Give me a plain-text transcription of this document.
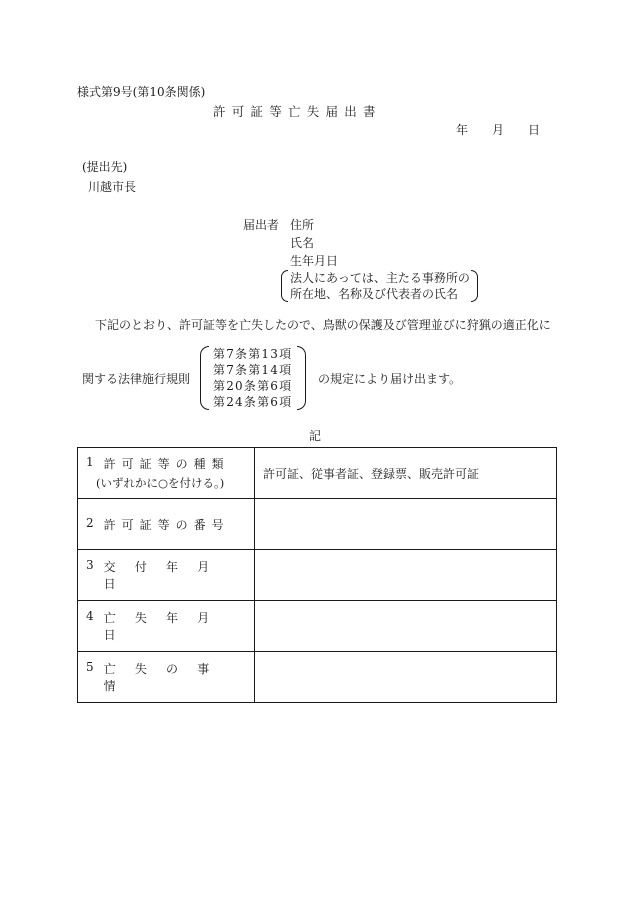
様式第9号(第10条関係)
許可証等亡失届出書
年 月 日
(提出先)
川越市長
届出者 住所
氏名
生年月日
法人にあっては、主たる事務所の
所在地、名称及び代表者の氏名
下記のとおり、許可証等を亡失したので、鳥獣の保護及び管理並びに狩猟の適正化に
関する法律施行規則
第7条第13項
第7条第14項
第20条第6項
第24条第6項
の規定により届け出ます。
記
1 許可証等の種類
(いずれかに○を付ける。)	許可証、従事者証、登録票、販売許可証

2 許可証等の番号	

3 交付年月日	

4 亡失年月日	

5 亡失の事情	
